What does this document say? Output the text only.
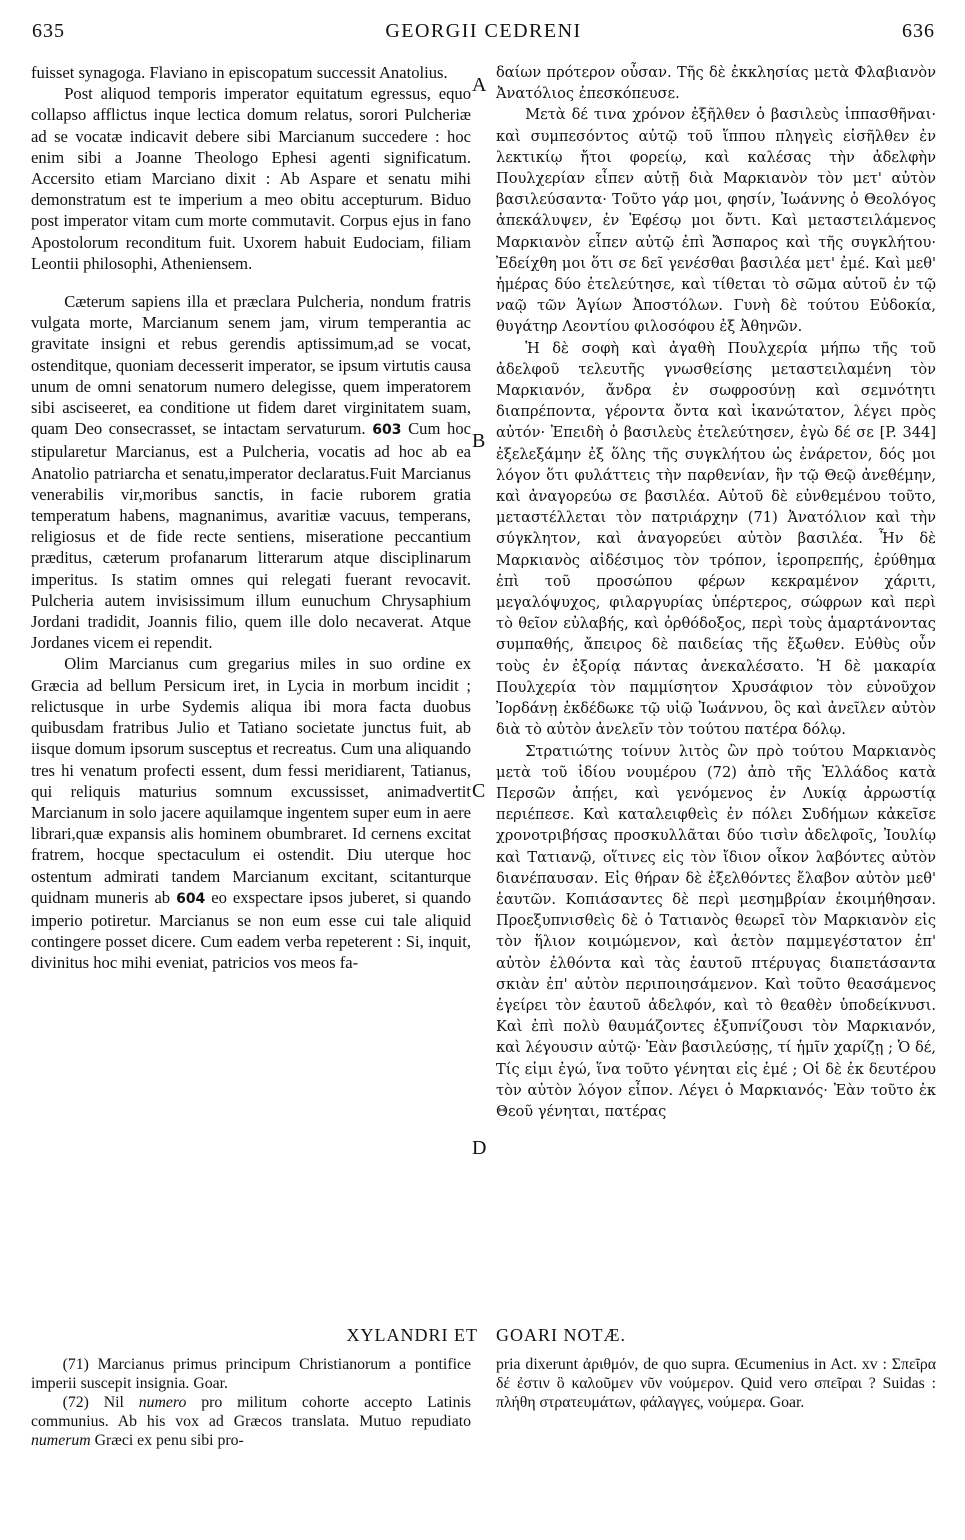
635	GEORGII CEDRENI	636
A
B
C
D

fuisset synagoga. Flaviano in episcopatum successit Anatolius.

Post aliquod temporis imperator equitatum egressus, equo collapso afflictus inque lectica domum relatus, sorori Pulcheriæ ad se vocatæ indicavit debere sibi Marcianum succedere : hoc enim sibi a Joanne Theologo Ephesi agenti significatum. Accersito etiam Marciano dixit : Ab Aspare et senatu mihi demonstratum est te imperium a meo obitu accepturum. Biduo post imperator vitam cum morte commutavit. Corpus ejus in fano Apostolorum reconditum fuit. Uxorem habuit Eudociam, filiam Leontii philosophi, Atheniensem.

Cæterum sapiens illa et præclara Pulcheria, nondum fratris vulgata morte, Marcianum senem jam, virum temperantia ac gravitate insigni et rebus gerendis aptissimum,ad se vocat, ostenditque, quoniam decesserit imperator, se ipsum virtutis causa unum de omni senatorum numero delegisse, quem imperatorem sibi asciseeret, ea conditione ut fidem daret virginitatem suam, quam Deo consecrasset, se intactam servaturum. 603 Cum hoc stipularetur Marcianus, est a Pulcheria, vocatis ad hoc ab ea Anatolio patriarcha et senatu,imperator declaratus.Fuit Marcianus venerabilis vir,moribus sanctis, in facie ruborem gratia temperatum habens, magnanimus, avaritiæ vacuus, temperans, religiosus et de fide recte sentiens, miseratione peccantium præditus, cæterum profanarum litterarum atque disciplinarum imperitus. Is statim omnes qui relegati fuerant revocavit. Pulcheria autem invisissimum illum eunuchum Chrysaphium Jordani tradidit, Joannis filio, quem ille dolo necaverat. Atque Jordanes vicem ei rependit.

Olim Marcianus cum gregarius miles in suo ordine ex Græcia ad bellum Persicum iret, in Lycia in morbum incidit ; relictusque in urbe Sydemis aliqua ibi mora facta duobus quibusdam fratribus Julio et Tatiano societate junctus fuit, ab iisque domum ipsorum susceptus et recreatus. Cum una aliquando tres hi venatum profecti essent, dum fessi meridiarent, Tatianus, qui reliquis maturius somnum excussisset, animadvertit Marcianum in solo jacere aquilamque ingentem super eum in aere librari,quæ expansis alis hominem obumbraret. Id cernens excitat fratrem, hocque spectaculum ei ostendit. Diu uterque hoc ostentum admirati tandem Marcianum excitant, scitanturque quidnam muneris ab 604 eo exspectare ipsos juberet, si quando imperio potiretur. Marcianus se non eum esse cui tale aliquid contingere posset dicere. Cum eadem verba repeterent : Si, inquit, divinitus hoc mihi eveniat, patricios vos meos fa-

δαίων πρότερον οὖσαν. Τῆς δὲ ἐκκλησίας μετὰ Φλαβιανὸν Ἀνατόλιος ἐπεσκόπευσε.

Μετὰ δέ τινα χρόνον ἐξῆλθεν ὁ βασιλεὺς ἱππασθῆναι· καὶ συμπεσόντος αὐτῷ τοῦ ἵππου πληγεὶς εἰσῆλθεν ἐν λεκτικίῳ ἤτοι φορείῳ, καὶ καλέσας τὴν ἀδελφὴν Πουλχερίαν εἶπεν αὐτῇ διὰ Μαρκιανὸν τὸν μετ' αὐτὸν βασιλεύσαντα· Τοῦτο γάρ μοι, φησίν, Ἰωάννης ὁ Θεολόγος ἀπεκάλυψεν, ἐν Ἐφέσῳ μοι ὄντι. Καὶ μεταστειλάμενος Μαρκιανὸν εἶπεν αὐτῷ ἐπὶ Ἄσπαρος καὶ τῆς συγκλήτου· Ἐδείχθη μοι ὅτι σε δεῖ γενέσθαι βασιλέα μετ' ἐμέ. Καὶ μεθ' ἡμέρας δύο ἐτελεύτησε, καὶ τίθεται τὸ σῶμα αὐτοῦ ἐν τῷ ναῷ τῶν Ἁγίων Ἀποστόλων. Γυνὴ δὲ τούτου Εὐδοκία, θυγάτηρ Λεοντίου φιλοσόφου ἐξ Ἀθηνῶν.

Ἡ δὲ σοφὴ καὶ ἀγαθὴ Πουλχερία μήπω τῆς τοῦ ἀδελφοῦ τελευτῆς γνωσθείσης μεταστειλαμένη τὸν Μαρκιανόν, ἄνδρα ἐν σωφροσύνῃ καὶ σεμνότητι διαπρέποντα, γέροντα ὄντα καὶ ἱκανώτατον, λέγει πρὸς αὐτόν· Ἐπειδὴ ὁ βασιλεὺς ἐτελεύτησεν, ἐγὼ δέ σε [P. 344] ἐξελεξάμην ἐξ ὅλης τῆς συγκλήτου ὡς ἐνάρετον, δός μοι λόγον ὅτι φυλάττεις τὴν παρθενίαν, ἣν τῷ Θεῷ ἀνεθέμην, καὶ ἀναγορεύω σε βασιλέα. Αὐτοῦ δὲ εὐνθεμένου τοῦτο, μεταστέλλεται τὸν πατριάρχην (71) Ἀνατόλιον καὶ τὴν σύγκλητον, καὶ ἀναγορεύει αὐτὸν βασιλέα. Ἦν δὲ Μαρκιανὸς αἰδέσιμος τὸν τρόπον, ἱεροπρεπής, ἐρύθημα ἐπὶ τοῦ προσώπου φέρων κεκραμένον χάριτι, μεγαλόψυχος, φιλαργυρίας ὑπέρτερος, σώφρων καὶ περὶ τὸ θεῖον εὐλαβής, καὶ ὀρθόδοξος, περὶ τοὺς ἁμαρτάνοντας συμπαθής, ἄπειρος δὲ παιδείας τῆς ἔξωθεν. Εὐθὺς οὖν τοὺς ἐν ἐξορίᾳ πάντας ἀνεκαλέσατο. Ἡ δὲ μακαρία Πουλχερία τὸν παμμίσητον Χρυσάφιον τὸν εὐνοῦχον Ἰορδάνῃ ἐκδέδωκε τῷ υἱῷ Ἰωάννου, ὃς καὶ ἀνεῖλεν αὐτὸν διὰ τὸ αὐτὸν ἀνελεῖν τὸν τούτου πατέρα δόλῳ.

Στρατιώτης τοίνυν λιτὸς ὢν πρὸ τούτου Μαρκιανὸς μετὰ τοῦ ἰδίου νουμέρου (72) ἀπὸ τῆς Ἑλλάδος κατὰ Περσῶν ἀπῄει, καὶ γενόμενος ἐν Λυκίᾳ ἀρρωστίᾳ περιέπεσε. Καὶ καταλειφθεὶς ἐν πόλει Συδήμων κἀκεῖσε χρονοτριβήσας προσκυλλᾶται δύο τισὶν ἀδελφοῖς, Ἰουλίῳ καὶ Τατιανῷ, οἵτινες εἰς τὸν ἴδιον οἶκον λαβόντες αὐτὸν διανέπαυσαν. Εἰς θήραν δὲ ἐξελθόντες ἔλαβον αὐτὸν μεθ' ἑαυτῶν. Κοπιάσαντες δὲ περὶ μεσημβρίαν ἐκοιμήθησαν. Προεξυπνισθεὶς δὲ ὁ Τατιανὸς θεωρεῖ τὸν Μαρκιανὸν εἰς τὸν ἥλιον κοιμώμενον, καὶ ἀετὸν παμμεγέστατον ἐπ' αὐτὸν ἐλθόντα καὶ τὰς ἑαυτοῦ πτέρυγας διαπετάσαντα σκιὰν ἐπ' αὐτὸν περιποιησάμενον. Καὶ τοῦτο θεασάμενος ἐγείρει τὸν ἑαυτοῦ ἀδελφόν, καὶ τὸ θεαθὲν ὑποδείκνυσι. Καὶ ἐπὶ πολὺ θαυμάζοντες ἐξυπνίζουσι τὸν Μαρκιανόν, καὶ λέγουσιν αὐτῷ· Ἐὰν βασιλεύσῃς, τί ἡμῖν χαρίζῃ ; Ὁ δέ, Τίς εἰμι ἐγώ, ἵνα τοῦτο γένηται εἰς ἐμέ ; Οἱ δὲ ἐκ δευτέρου τὸν αὐτὸν λόγον εἶπον. Λέγει ὁ Μαρκιανός· Ἐὰν τοῦτο ἐκ Θεοῦ γένηται, πατέρας

XYLANDRI ET GOARI NOTÆ.

(71) Marcianus primus principum Christianorum a pontifice imperii suscepit insignia. Goar.

(72) Nil numero pro militum cohorte accepto Latinis communius. Ab his vox ad Græcos translata. Mutuo repudiato numerum Græci ex penu sibi pro-

pria dixerunt ἀριθμόν, de quo supra. Œcumenius in Act. xv : Σπεῖρα δέ ἐστιν ὃ καλοῦμεν νῦν νούμερον. Quid vero σπεῖραι ? Suidas : πλήθη στρατευμάτων, φάλαγγες, νούμερα. Goar.
